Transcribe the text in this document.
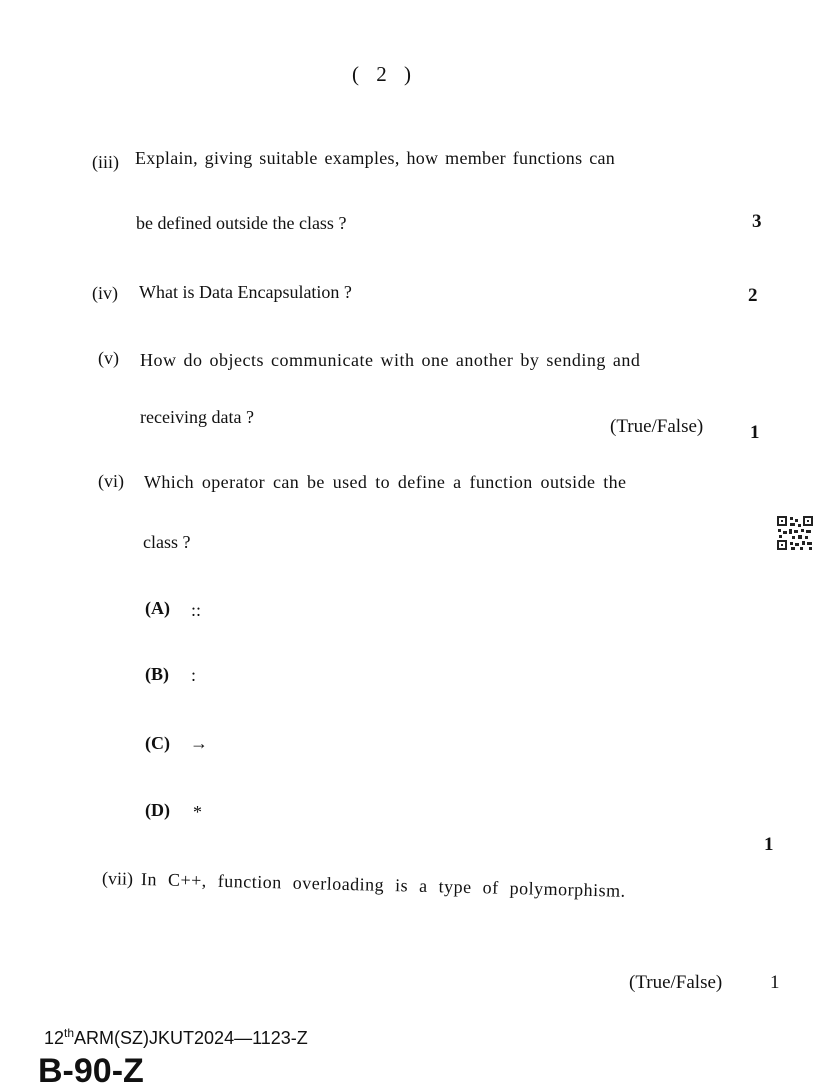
( 2 )
(iii) Explain, giving suitable examples, how member functions can
be defined outside the class ?	3
(iv) What is Data Encapsulation ?	2
(v) How do objects communicate with one another by sending and
receiving data ?	(True/False) 1
(vi) Which operator can be used to define a function outside the
class ?
(A) ::
(B) :
(C) →
(D) *
1
(vii) In C++, function overloading is a type of polymorphism.
(True/False)	1
12thARM(SZ)JKUT2024—1123-Z
B-90-Z
